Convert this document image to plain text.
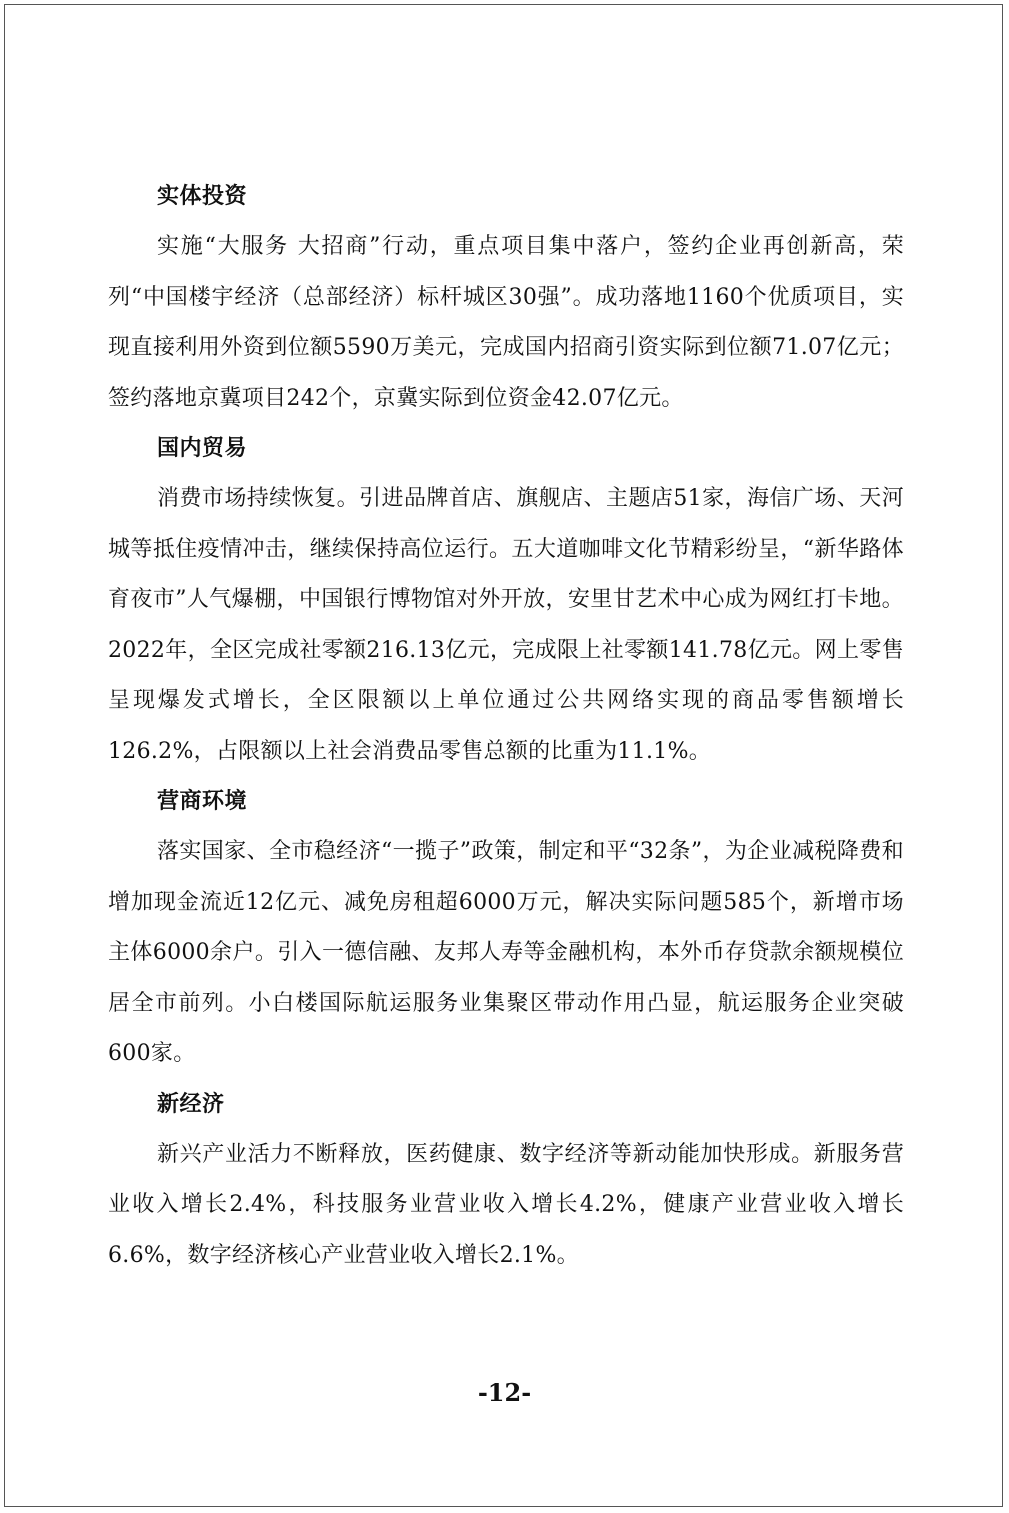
实体投资

实施“大服务 大招商”行动，重点项目集中落户，签约企业再创新高，荣列“中国楼宇经济（总部经济）标杆城区30强”。成功落地1160个优质项目，实现直接利用外资到位额5590万美元，完成国内招商引资实际到位额71.07亿元；签约落地京冀项目242个，京冀实际到位资金42.07亿元。

国内贸易

消费市场持续恢复。引进品牌首店、旗舰店、主题店51家，海信广场、天河城等抵住疫情冲击，继续保持高位运行。五大道咖啡文化节精彩纷呈，“新华路体育夜市”人气爆棚，中国银行博物馆对外开放，安里甘艺术中心成为网红打卡地。2022年，全区完成社零额216.13亿元，完成限上社零额141.78亿元。网上零售呈现爆发式增长，全区限额以上单位通过公共网络实现的商品零售额增长126.2%，占限额以上社会消费品零售总额的比重为11.1%。

营商环境

落实国家、全市稳经济“一揽子”政策，制定和平“32条”，为企业减税降费和增加现金流近12亿元、减免房租超6000万元，解决实际问题585个，新增市场主体6000余户。引入一德信融、友邦人寿等金融机构，本外币存贷款余额规模位居全市前列。小白楼国际航运服务业集聚区带动作用凸显，航运服务企业突破600家。

新经济

新兴产业活力不断释放，医药健康、数字经济等新动能加快形成。新服务营业收入增长2.4%，科技服务业营业收入增长4.2%，健康产业营业收入增长6.6%，数字经济核心产业营业收入增长2.1%。

-12-
